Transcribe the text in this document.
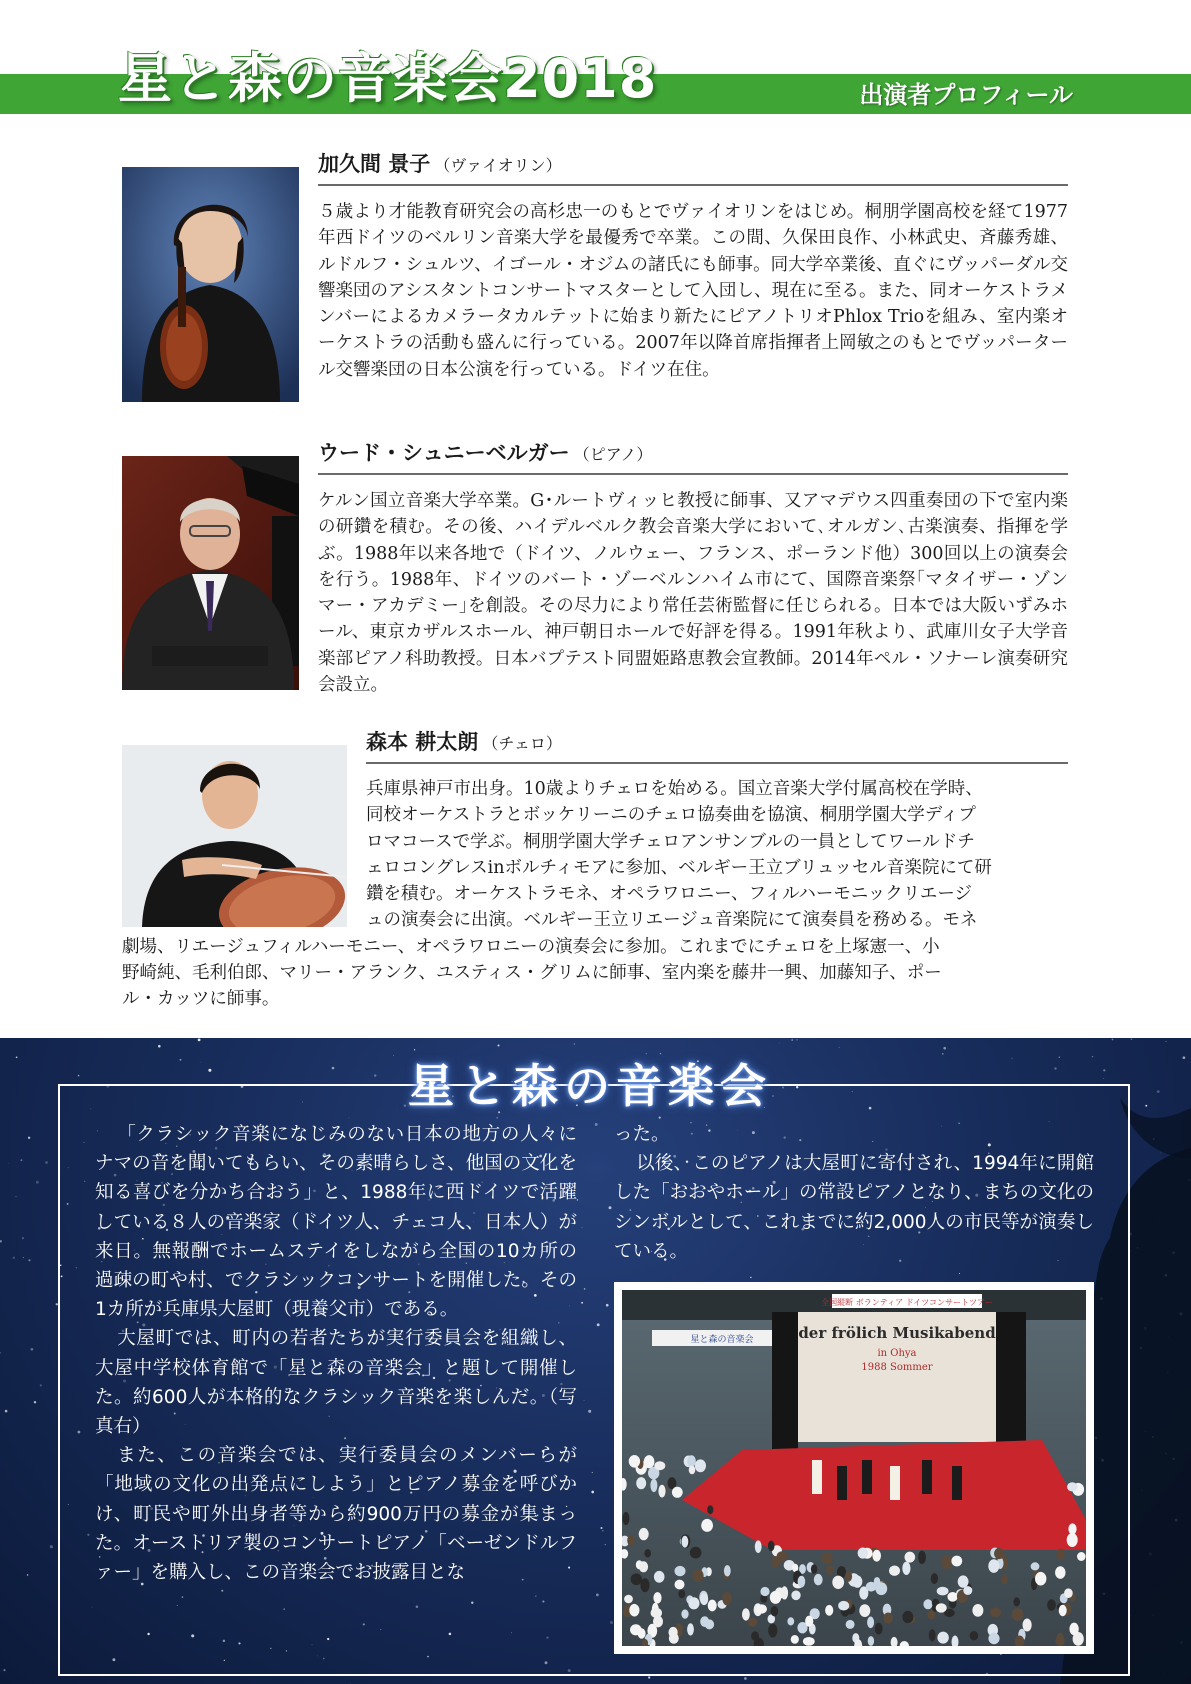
星と森の音楽会2018	出演者プロフィール
加久間 景子 （ヴァイオリン）

５歳より才能教育研究会の高杉忠一のもとでヴァイオリンをはじめ。桐朋学園高校を経て1977年西ドイツのベルリン音楽大学を最優秀で卒業。この間、久保田良作、小林武史、斉藤秀雄、ルドルフ・シュルツ、イゴール・オジムの諸氏にも師事。同大学卒業後、直ぐにヴッパーダル交響楽団のアシスタントコンサートマスターとして入団し、現在に至る。また、同オーケストラメンバーによるカメラータカルテットに始まり新たにピアノトリオPhlox Trioを組み、室内楽オーケストラの活動も盛んに行っている。2007年以降首席指揮者上岡敏之のもとでヴッパータール交響楽団の日本公演を行っている。ドイツ在住。

ウード・シュニーベルガー （ピアノ）

ケルン国立音楽大学卒業。G･ルートヴィッヒ教授に師事、又アマデウス四重奏団の下で室内楽の研鑽を積む。その後、ハイデルベルク教会音楽大学において､オルガン､古楽演奏、指揮を学ぶ。1988年以来各地で（ドイツ、ノルウェー、フランス、ポーランド他）300回以上の演奏会を行う。1988年、ドイツのバート・ゾーベルンハイム市にて、国際音楽祭｢マタイザー・ゾンマー・アカデミー｣を創設。その尽力により常任芸術監督に任じられる。日本では大阪いずみホール、東京カザルスホール、神戸朝日ホールで好評を得る。1991年秋より、武庫川女子大学音楽部ピアノ科助教授。日本バプテスト同盟姫路恵教会宣教師。2014年ペル・ソナーレ演奏研究会設立。

森本 耕太朗 （チェロ）
兵庫県神戸市出身。10歳よりチェロを始める。国立音楽大学付属高校在学時、
同校オーケストラとボッケリーニのチェロ協奏曲を協演、桐朋学園大学ディプ
ロマコースで学ぶ。桐朋学園大学チェロアンサンブルの一員としてワールドチ
ェロコングレスinボルチィモアに参加、ベルギー王立ブリュッセル音楽院にて研
鑽を積む。オーケストラモネ、オペラワロニー、フィルハーモニックリエージ
ュの演奏会に出演。ベルギー王立リエージュ音楽院にて演奏員を務める。モネ
劇場、リエージュフィルハーモニー、オペラワロニーの演奏会に参加。これまでにチェロを上塚憲一、小
野崎純、毛利伯郎、マリー・アランク、ユスティス・グリムに師事、室内楽を藤井一興、加藤知子、ポー
ル・カッツに師事。
星と森の音楽会

「クラシック音楽になじみのない日本の地方の人々にナマの音を聞いてもらい、その素晴らしさ、他国の文化を知る喜びを分かち合おう」と、1988年に西ドイツで活躍している８人の音楽家（ドイツ人、チェコ人、日本人）が来日。無報酬でホームステイをしながら全国の10カ所の過疎の町や村、でクラシックコンサートを開催した。その1カ所が兵庫県大屋町（現養父市）である。

大屋町では、町内の若者たちが実行委員会を組織し、大屋中学校体育館で「星と森の音楽会」と題して開催した。約600人が本格的なクラシック音楽を楽しんだ。（写真右）

また、この音楽会では、実行委員会のメンバーらが「地域の文化の出発点にしよう」とピアノ募金を呼びかけ、町民や町外出身者等から約900万円の募金が集まった。オーストリア製のコンサートピアノ「ベーゼンドルファー」を購入し、この音楽会でお披露目とな

った。

以後、このピアノは大屋町に寄付され、1994年に開館した「おおやホール」の常設ピアノとなり、まちの文化のシンボルとして、これまでに約2,000人の市民等が演奏している。

全国縦断 ボランティア ドイツコンサートツアー
星と森の音楽会	der frölich Musikabend
in Ohya
1988 Sommer
